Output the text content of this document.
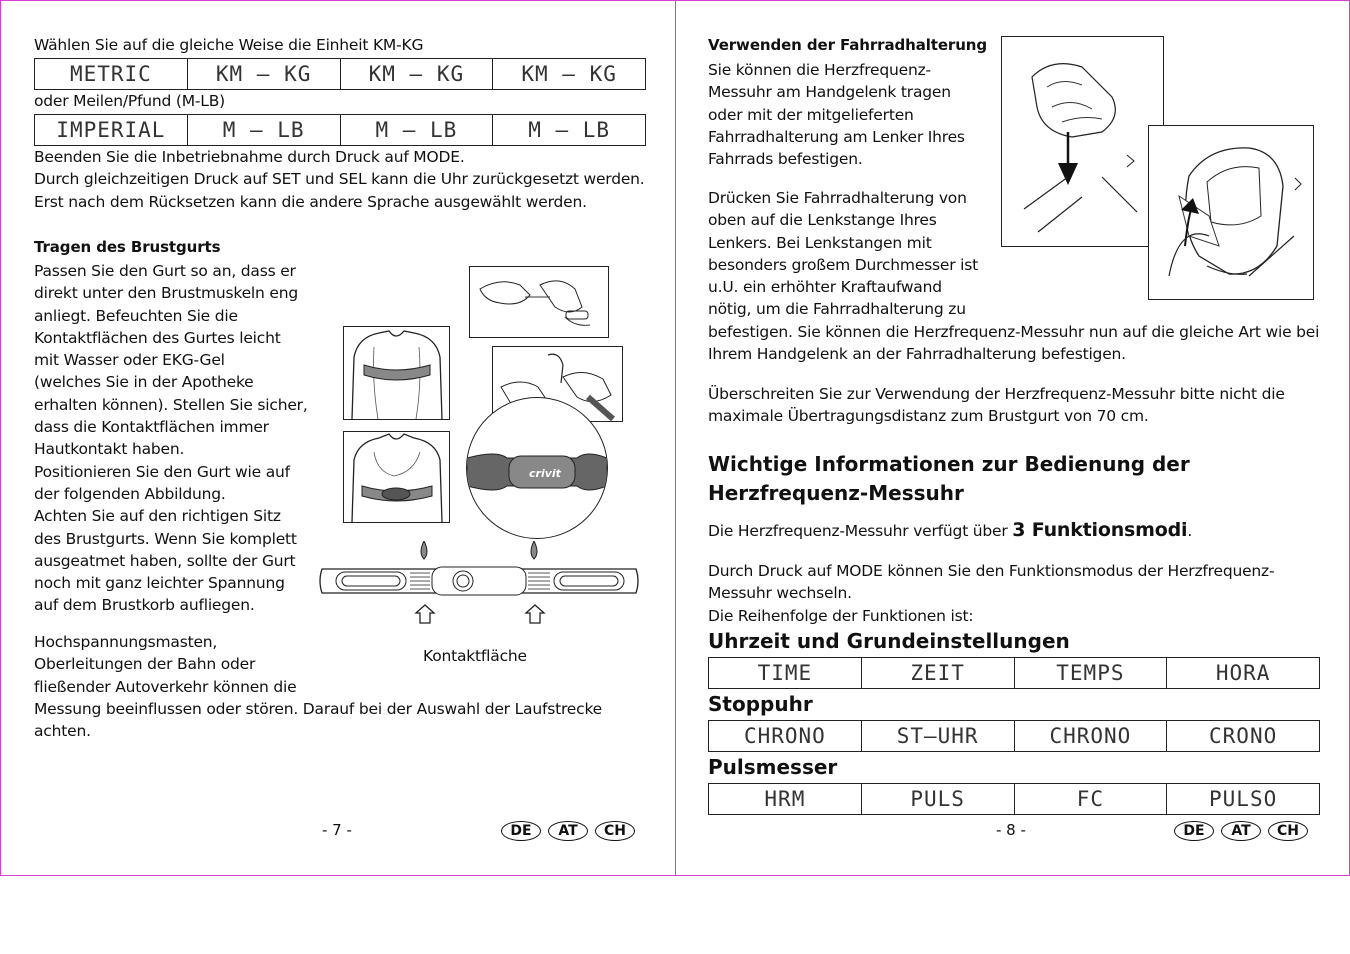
Wählen Sie auf die gleiche Weise die Einheit KM-KG
METRIC	KM – KG	KM – KG	KM – KG
oder Meilen/Pfund (M-LB)
IMPERIAL	M – LB	M – LB	M – LB
Beenden Sie die Inbetriebnahme durch Druck auf MODE.
Durch gleichzeitigen Druck auf SET und SEL kann die Uhr zurückgesetzt werden.
Erst nach dem Rücksetzen kann die andere Sprache ausgewählt werden.
Tragen des Brustgurts
Passen Sie den Gurt so an, dass er
direkt unter den Brustmuskeln eng
anliegt. Befeuchten Sie die
Kontaktflächen des Gurtes leicht
mit Wasser oder EKG-Gel
(welches Sie in der Apotheke
erhalten können). Stellen Sie sicher,
dass die Kontaktflächen immer
Hautkontakt haben.
Positionieren Sie den Gurt wie auf
der folgenden Abbildung.
Achten Sie auf den richtigen Sitz
des Brustgurts. Wenn Sie komplett
ausgeatmet haben, sollte der Gurt
noch mit ganz leichter Spannung
auf dem Brustkorb aufliegen.
Hochspannungsmasten,
Oberleitungen der Bahn oder
fließender Autoverkehr können die
Messung beeinflussen oder stören. Darauf bei der Auswahl der Laufstrecke
achten.
crivit
Kontaktfläche
- 7 -	DE	AT	CH
Verwenden der Fahrradhalterung
Sie können die Herzfrequenz-
Messuhr am Handgelenk tragen
oder mit der mitgelieferten
Fahrradhalterung am Lenker Ihres
Fahrrads befestigen.
Drücken Sie Fahrradhalterung von
oben auf die Lenkstange Ihres
Lenkers. Bei Lenkstangen mit
besonders großem Durchmesser ist
u.U. ein erhöhter Kraftaufwand
nötig, um die Fahrradhalterung zu
befestigen. Sie können die Herzfrequenz-Messuhr nun auf die gleiche Art wie bei
Ihrem Handgelenk an der Fahrradhalterung befestigen.
Überschreiten Sie zur Verwendung der Herzfrequenz-Messuhr bitte nicht die
maximale Übertragungsdistanz zum Brustgurt von 70 cm.
Wichtige Informationen zur Bedienung der
Herzfrequenz-Messuhr
Die Herzfrequenz-Messuhr verfügt über 3 Funktionsmodi.
Durch Druck auf MODE können Sie den Funktionsmodus der Herzfrequenz-
Messuhr wechseln.
Die Reihenfolge der Funktionen ist:
Uhrzeit und Grundeinstellungen
TIME	ZEIT	TEMPS	HORA
Stoppuhr
CHRONO	ST–UHR	CHRONO	CRONO
Pulsmesser
HRM	PULS	FC	PULSO
- 8 -	DE	AT	CH
